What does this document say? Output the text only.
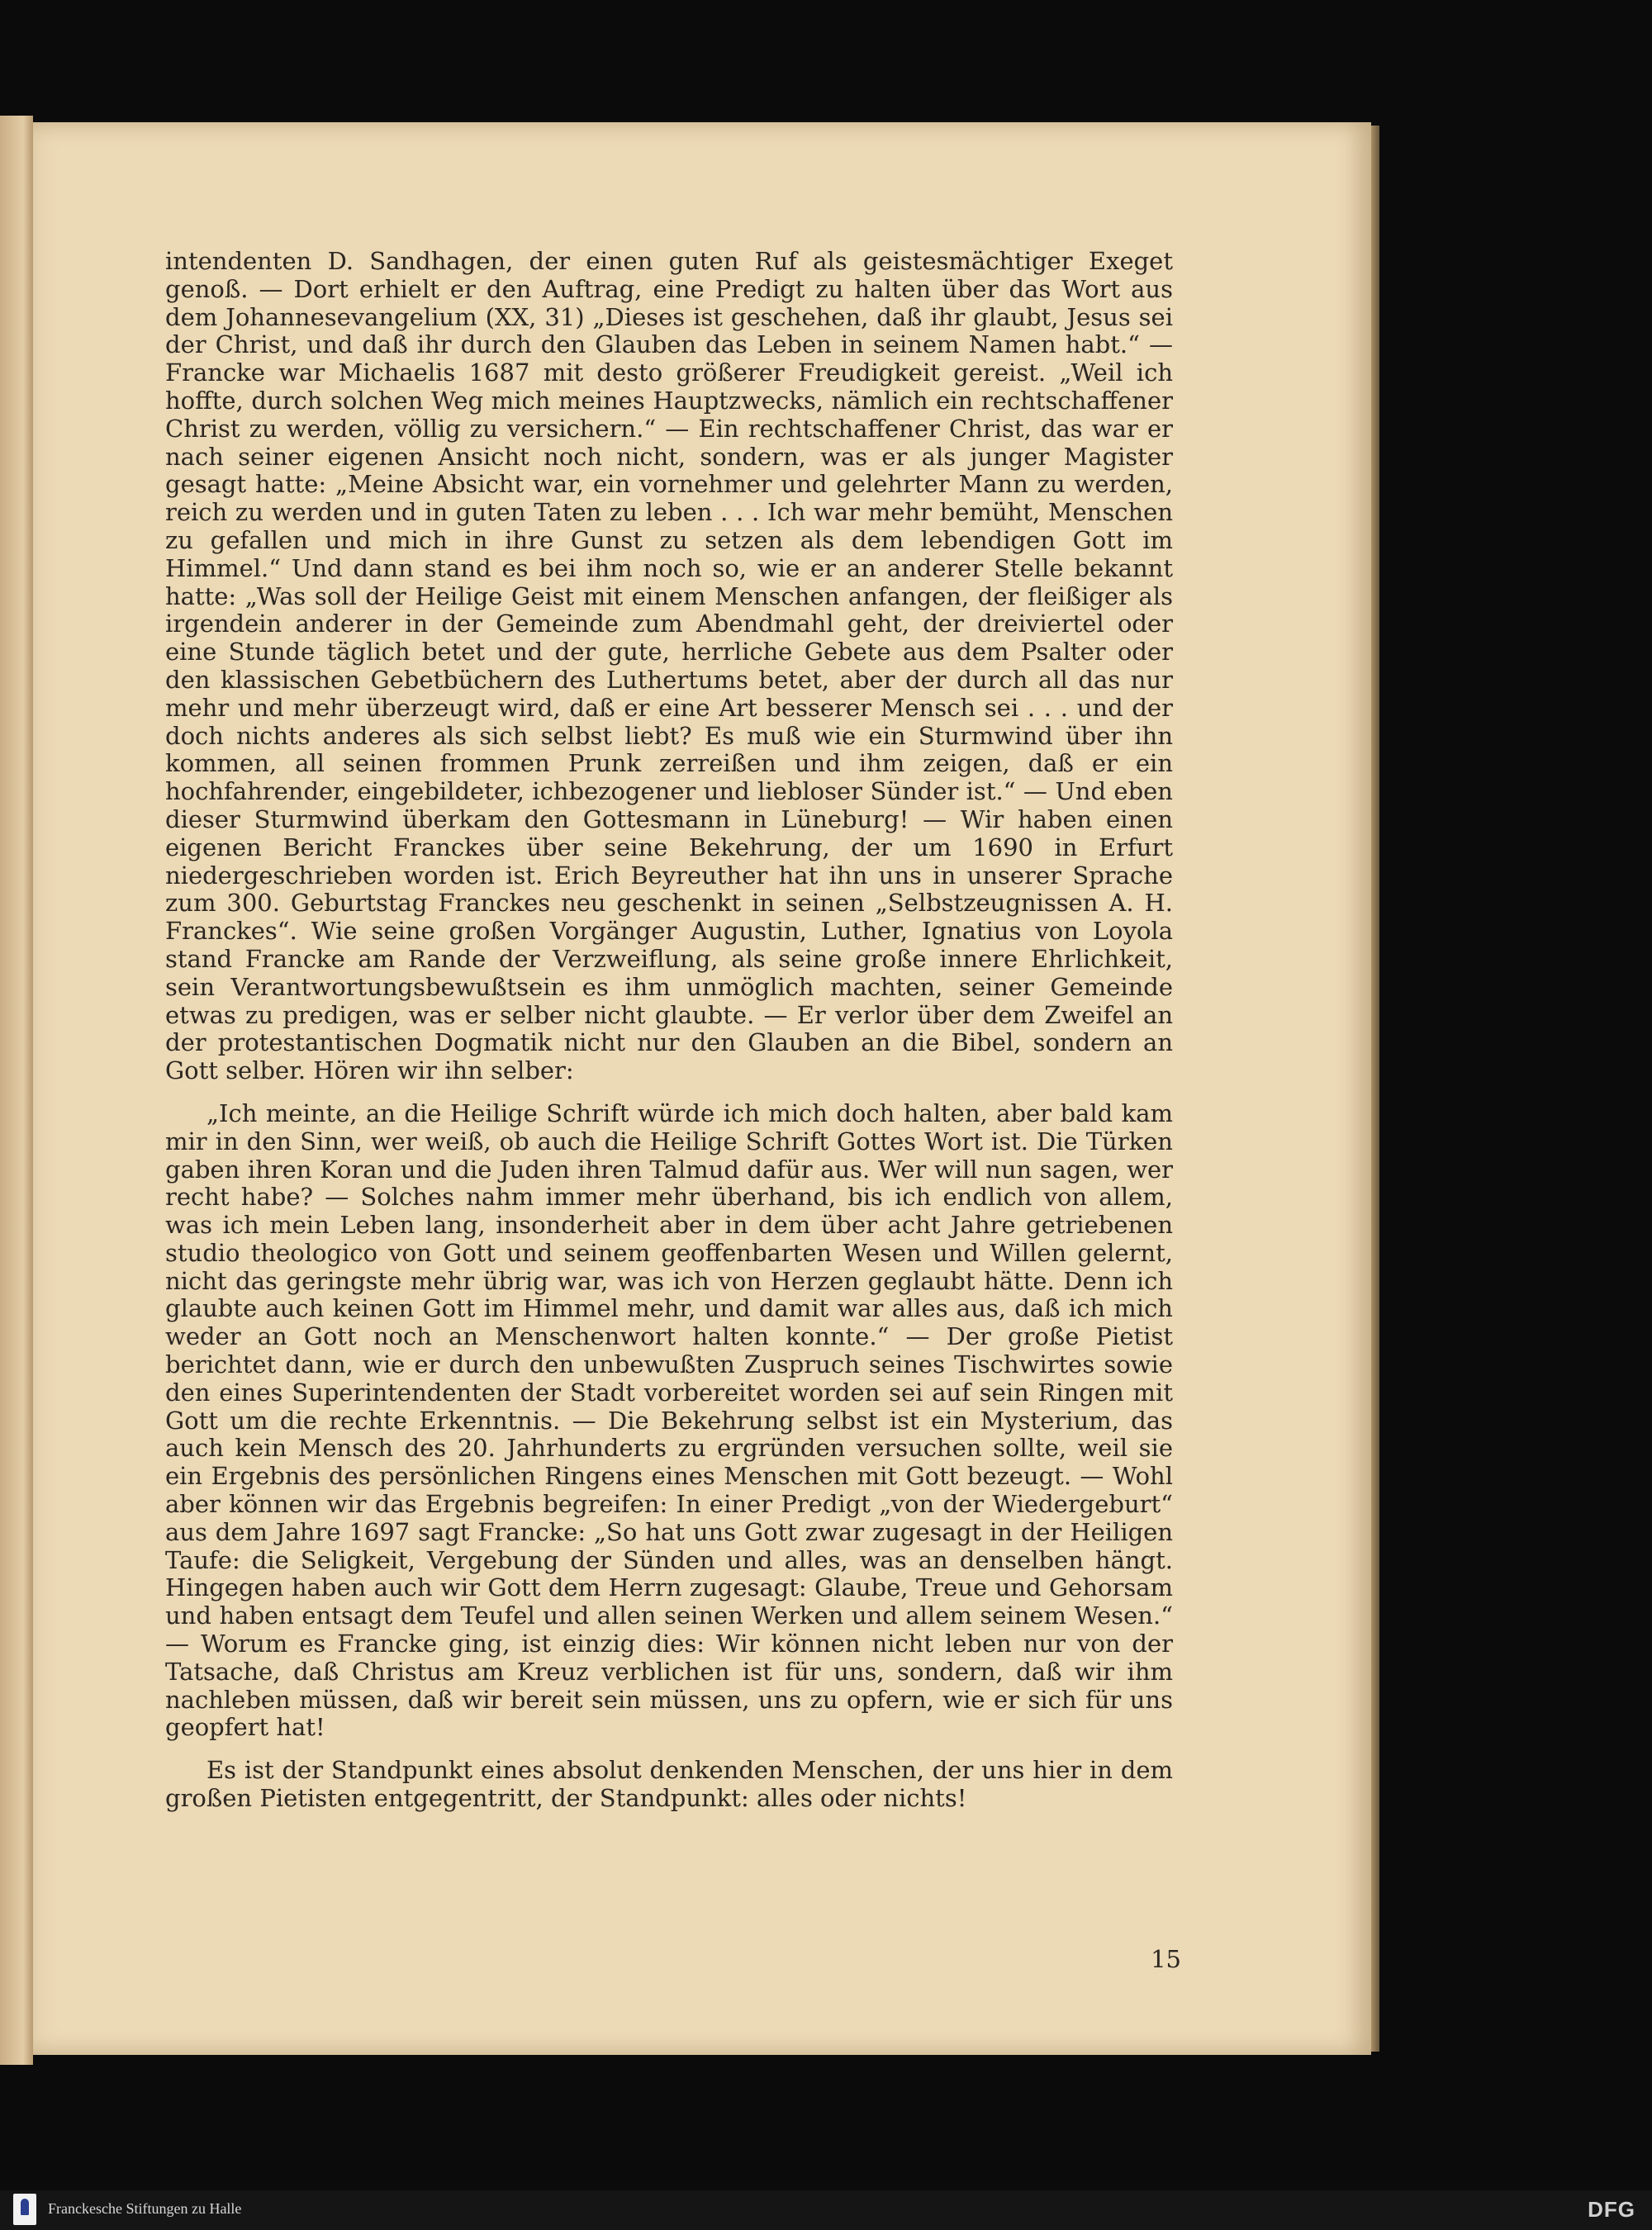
intendenten D. Sandhagen, der einen guten Ruf als geistesmächtiger Exeget genoß. — Dort erhielt er den Auftrag, eine Predigt zu halten über das Wort aus dem Johannesevangelium (XX, 31) „Dieses ist geschehen, daß ihr glaubt, Jesus sei der Christ, und daß ihr durch den Glauben das Leben in seinem Namen habt.“ — Francke war Michaelis 1687 mit desto größerer Freudigkeit gereist. „Weil ich hoffte, durch solchen Weg mich meines Hauptzwecks, nämlich ein rechtschaffener Christ zu werden, völlig zu versichern.“ — Ein rechtschaffener Christ, das war er nach seiner eigenen Ansicht noch nicht, sondern, was er als junger Magister gesagt hatte: „Meine Absicht war, ein vornehmer und gelehrter Mann zu werden, reich zu werden und in guten Taten zu leben . . . Ich war mehr bemüht, Menschen zu gefallen und mich in ihre Gunst zu setzen als dem lebendigen Gott im Himmel.“ Und dann stand es bei ihm noch so, wie er an anderer Stelle bekannt hatte: „Was soll der Heilige Geist mit einem Menschen anfangen, der fleißiger als irgendein anderer in der Gemeinde zum Abendmahl geht, der dreiviertel oder eine Stunde täglich betet und der gute, herrliche Gebete aus dem Psalter oder den klassischen Gebetbüchern des Luthertums betet, aber der durch all das nur mehr und mehr überzeugt wird, daß er eine Art besserer Mensch sei . . . und der doch nichts anderes als sich selbst liebt? Es muß wie ein Sturmwind über ihn kommen, all seinen frommen Prunk zerreißen und ihm zeigen, daß er ein hochfahrender, eingebildeter, ichbezogener und liebloser Sünder ist.“ — Und eben dieser Sturmwind überkam den Gottesmann in Lüneburg! — Wir haben einen eigenen Bericht Franckes über seine Bekehrung, der um 1690 in Erfurt niedergeschrieben worden ist. Erich Beyreuther hat ihn uns in unserer Sprache zum 300. Geburtstag Franckes neu geschenkt in seinen „Selbstzeugnissen A. H. Franckes“. Wie seine großen Vorgänger Augustin, Luther, Ignatius von Loyola stand Francke am Rande der Verzweiflung, als seine große innere Ehrlichkeit, sein Verantwortungsbewußtsein es ihm unmöglich machten, seiner Gemeinde etwas zu predigen, was er selber nicht glaubte. — Er verlor über dem Zweifel an der protestantischen Dogmatik nicht nur den Glauben an die Bibel, sondern an Gott selber. Hören wir ihn selber:

„Ich meinte, an die Heilige Schrift würde ich mich doch halten, aber bald kam mir in den Sinn, wer weiß, ob auch die Heilige Schrift Gottes Wort ist. Die Türken gaben ihren Koran und die Juden ihren Talmud dafür aus. Wer will nun sagen, wer recht habe? — Solches nahm immer mehr überhand, bis ich endlich von allem, was ich mein Leben lang, insonderheit aber in dem über acht Jahre getriebenen studio theologico von Gott und seinem geoffenbarten Wesen und Willen gelernt, nicht das geringste mehr übrig war, was ich von Herzen geglaubt hätte. Denn ich glaubte auch keinen Gott im Himmel mehr, und damit war alles aus, daß ich mich weder an Gott noch an Menschenwort halten konnte.“ — Der große Pietist berichtet dann, wie er durch den unbewußten Zuspruch seines Tischwirtes sowie den eines Superintendenten der Stadt vorbereitet worden sei auf sein Ringen mit Gott um die rechte Erkenntnis. — Die Bekehrung selbst ist ein Mysterium, das auch kein Mensch des 20. Jahrhunderts zu ergründen versuchen sollte, weil sie ein Ergebnis des persönlichen Ringens eines Menschen mit Gott bezeugt. — Wohl aber können wir das Ergebnis begreifen: In einer Predigt „von der Wiedergeburt“ aus dem Jahre 1697 sagt Francke: „So hat uns Gott zwar zugesagt in der Heiligen Taufe: die Seligkeit, Vergebung der Sünden und alles, was an denselben hängt. Hingegen haben auch wir Gott dem Herrn zugesagt: Glaube, Treue und Gehorsam und haben entsagt dem Teufel und allen seinen Werken und allem seinem Wesen.“ — Worum es Francke ging, ist einzig dies: Wir können nicht leben nur von der Tatsache, daß Christus am Kreuz verblichen ist für uns, sondern, daß wir ihm nachleben müssen, daß wir bereit sein müssen, uns zu opfern, wie er sich für uns geopfert hat!

Es ist der Standpunkt eines absolut denkenden Menschen, der uns hier in dem großen Pietisten entgegentritt, der Standpunkt: alles oder nichts!

15
Franckesche Stiftungen zu Halle	DFG
